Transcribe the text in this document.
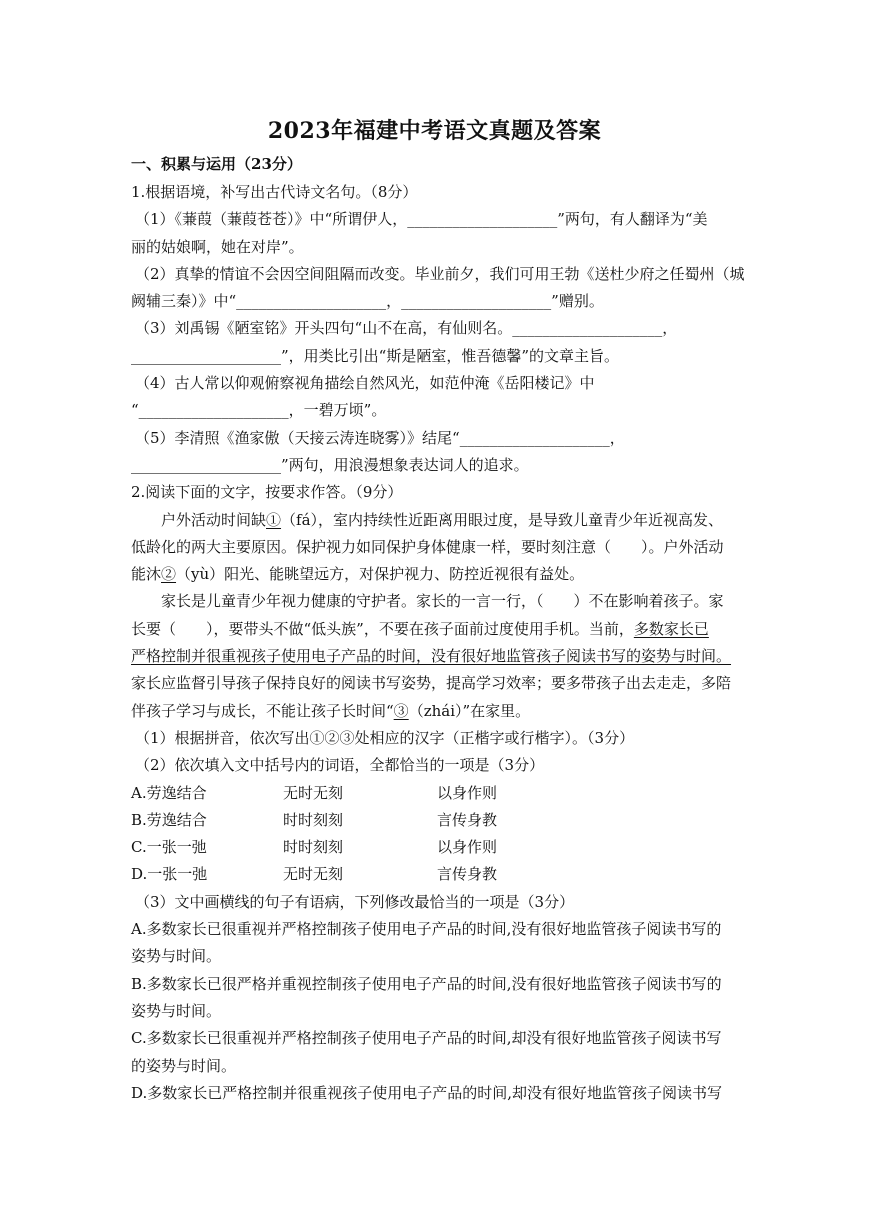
2023年福建中考语文真题及答案
一、积累与运用（23分）
1.根据语境，补写出古代诗文名句。（8分）
（1）《蒹葭（蒹葭苍苍）》中“所谓伊人，____________________”两句，有人翻译为“美
丽的姑娘啊，她在对岸”。
（2）真挚的情谊不会因空间阻隔而改变。毕业前夕，我们可用王勃《送杜少府之任蜀州（城
阙辅三秦）》中“____________________，____________________”赠别。
（3）刘禹锡《陋室铭》开头四句“山不在高，有仙则名。____________________，
____________________”，用类比引出“斯是陋室，惟吾德馨”的文章主旨。
（4）古人常以仰观俯察视角描绘自然风光，如范仲淹《岳阳楼记》中
“____________________，一碧万顷”。
（5）李清照《渔家傲（天接云涛连晓雾）》结尾“____________________，
____________________”两句，用浪漫想象表达词人的追求。
2.阅读下面的文字，按要求作答。（9分）
户外活动时间缺①（fá），室内持续性近距离用眼过度，是导致儿童青少年近视高发、
低龄化的两大主要原因。保护视力如同保护身体健康一样，要时刻注意（　　）。户外活动
能沐②（yù）阳光、能眺望远方，对保护视力、防控近视很有益处。
家长是儿童青少年视力健康的守护者。家长的一言一行，（　　）不在影响着孩子。家
长要（　　），要带头不做“低头族”，不要在孩子面前过度使用手机。当前，多数家长已
严格控制并很重视孩子使用电子产品的时间，没有很好地监管孩子阅读书写的姿势与时间。
家长应监督引导孩子保持良好的阅读书写姿势，提高学习效率；要多带孩子出去走走，多陪
伴孩子学习与成长，不能让孩子长时间“③（zhái）”在家里。
（1）根据拼音，依次写出①②③处相应的汉字（正楷字或行楷字）。（3分）
（2）依次填入文中括号内的词语，全都恰当的一项是（3分）
A.劳逸结合	无时无刻	以身作则
B.劳逸结合	时时刻刻	言传身教
C.一张一弛	时时刻刻	以身作则
D.一张一弛	无时无刻	言传身教
（3）文中画横线的句子有语病，下列修改最恰当的一项是（3分）
A.多数家长已很重视并严格控制孩子使用电子产品的时间,没有很好地监管孩子阅读书写的
姿势与时间。
B.多数家长已很严格并重视控制孩子使用电子产品的时间,没有很好地监管孩子阅读书写的
姿势与时间。
C.多数家长已很重视并严格控制孩子使用电子产品的时间,却没有很好地监管孩子阅读书写
的姿势与时间。
D.多数家长已严格控制并很重视孩子使用电子产品的时间,却没有很好地监管孩子阅读书写
